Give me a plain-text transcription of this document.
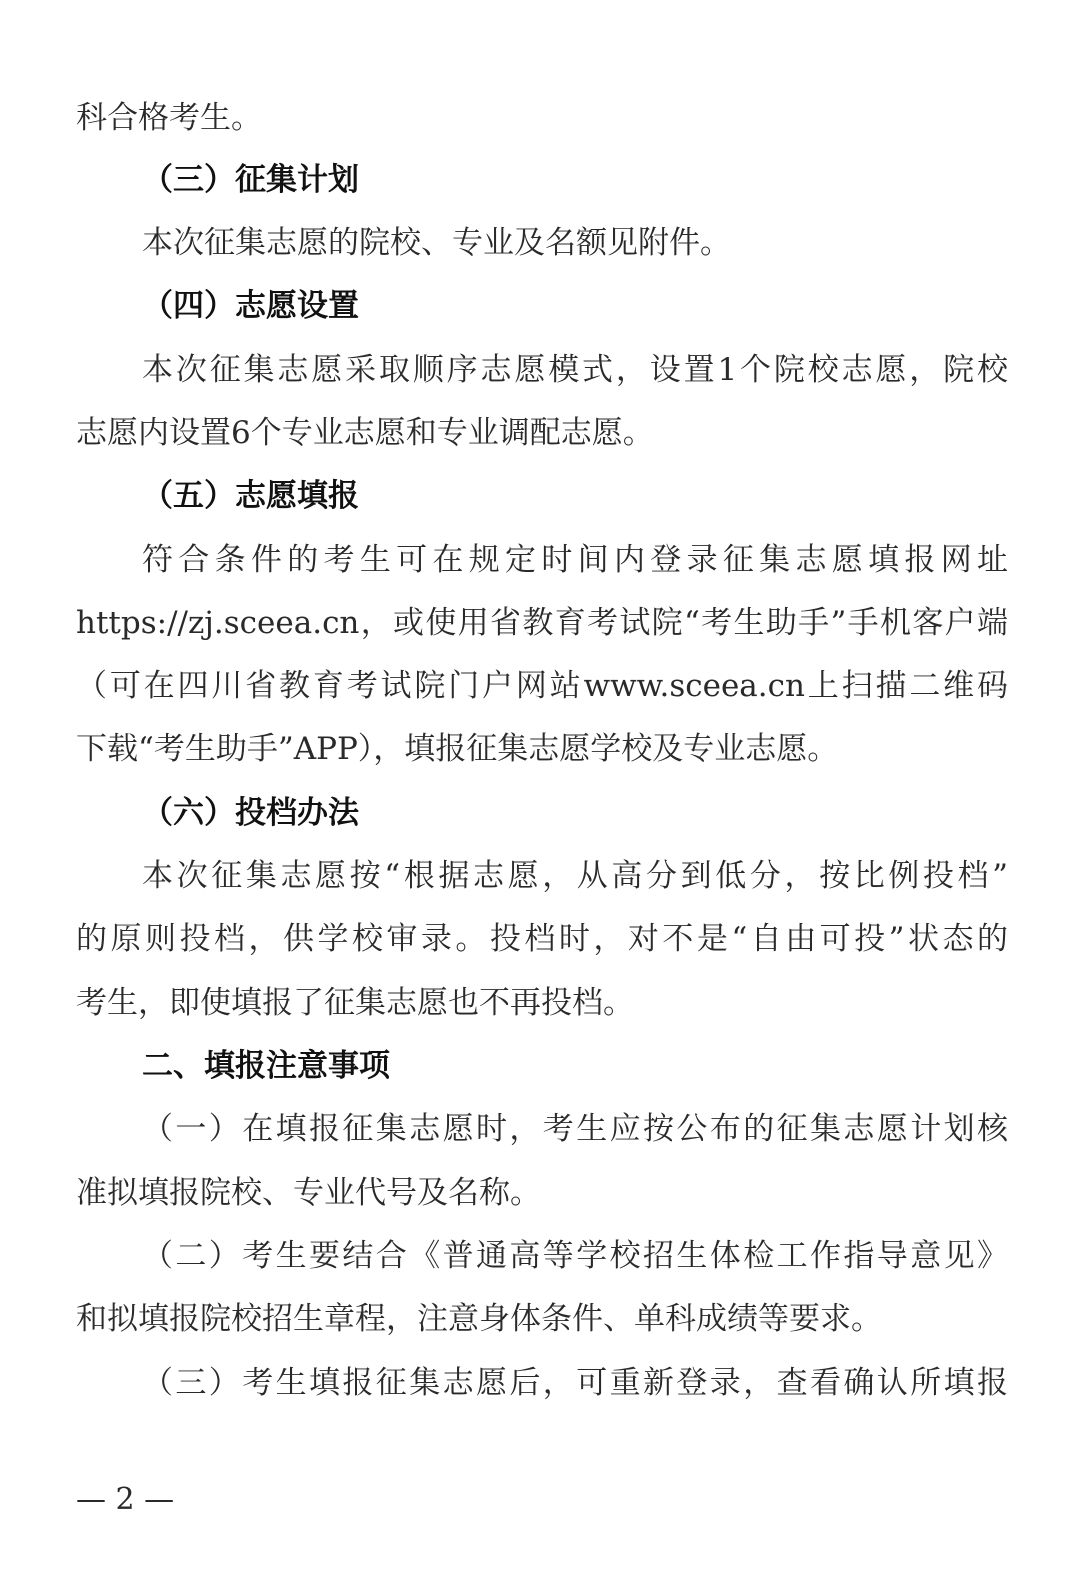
科合格考生。
（三）征集计划
本次征集志愿的院校、专业及名额见附件。
（四）志愿设置
本次征集志愿采取顺序志愿模式，设置1个院校志愿，院校
志愿内设置6个专业志愿和专业调配志愿。
（五）志愿填报
符合条件的考生可在规定时间内登录征集志愿填报网址
https://zj.sceea.cn，或使用省教育考试院“考生助手”手机客户端
（可在四川省教育考试院门户网站www.sceea.cn上扫描二维码
下载“考生助手”APP），填报征集志愿学校及专业志愿。
（六）投档办法
本次征集志愿按“根据志愿，从高分到低分，按比例投档”
的原则投档，供学校审录。投档时，对不是“自由可投”状态的
考生，即使填报了征集志愿也不再投档。
二、填报注意事项
（一）在填报征集志愿时，考生应按公布的征集志愿计划核
准拟填报院校、专业代号及名称。
（二）考生要结合《普通高等学校招生体检工作指导意见》
和拟填报院校招生章程，注意身体条件、单科成绩等要求。
（三）考生填报征集志愿后，可重新登录，查看确认所填报
— 2 —
